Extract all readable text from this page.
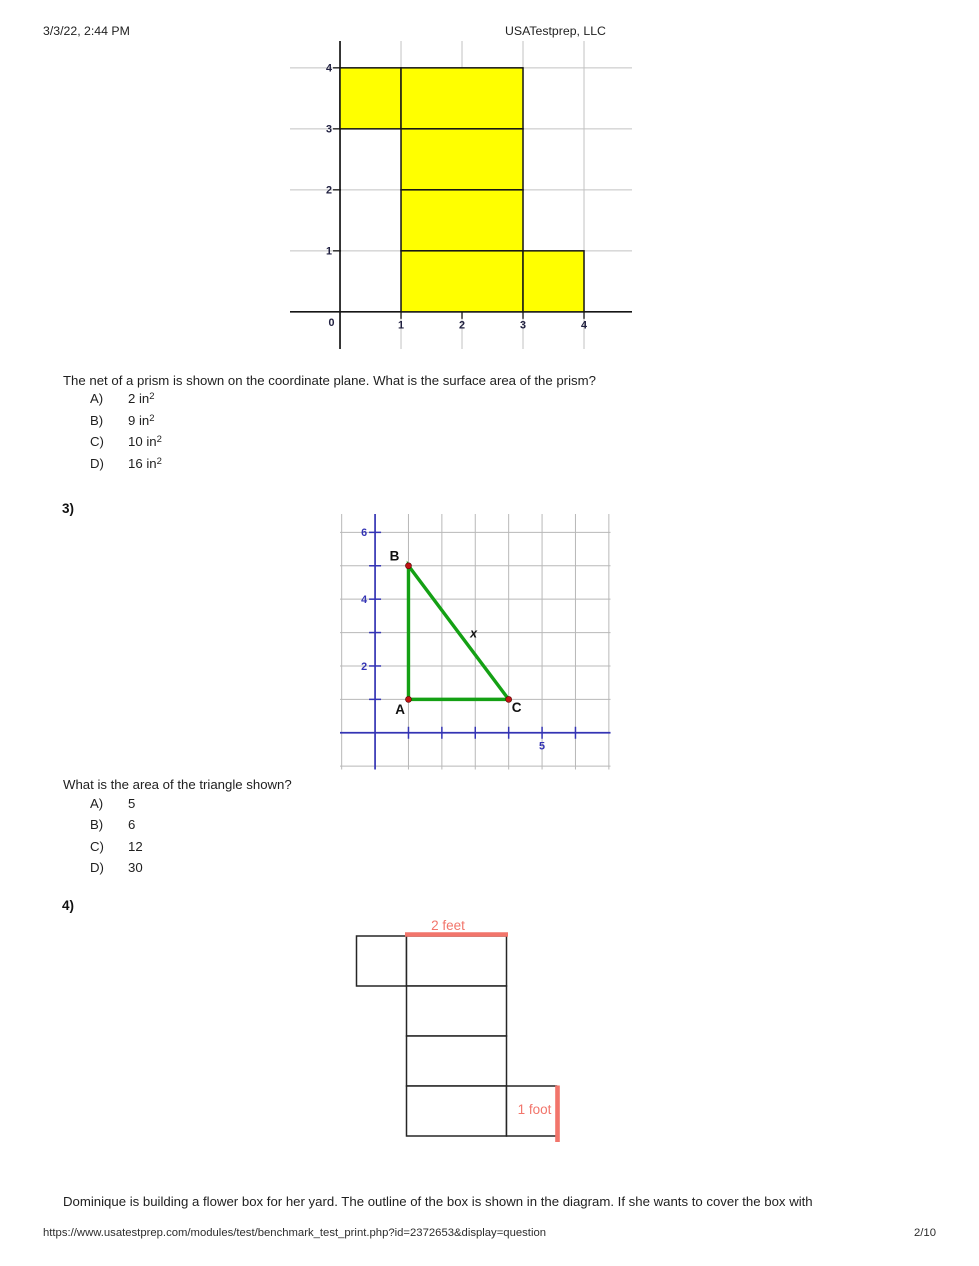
3/3/22, 2:44 PM	USATestprep, LLC
1	2	3	4
1
2
3
4
0
The net of a prism is shown on the coordinate plane. What is the surface area of the prism?
A) 2 $in^2$
B) 9 $in^2$
C) 10 $in^2$
D) 16 $in^2$
3)
5
2
4
6
A
B
C
x
What is the area of the triangle shown?
A) 5
B) 6
C) 12
D) 30
4)
2 feet
1 foot
Dominique is building a flower box for her yard. The outline of the box is shown in the diagram. If she wants to cover the box with
https://www.usatestprep.com/modules/test/benchmark_test_print.php?id=2372653&display=question	2/10
